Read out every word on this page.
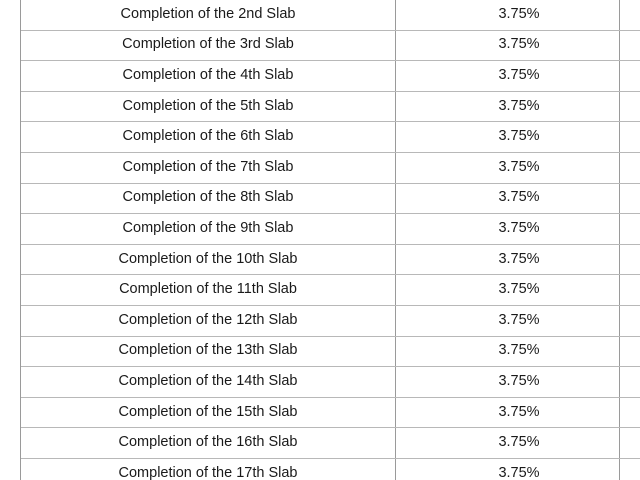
Completion of the 2nd Slab	3.75%
Completion of the 3rd Slab	3.75%
Completion of the 4th Slab	3.75%
Completion of the 5th Slab	3.75%
Completion of the 6th Slab	3.75%
Completion of the 7th Slab	3.75%
Completion of the 8th Slab	3.75%
Completion of the 9th Slab	3.75%
Completion of the 10th Slab	3.75%
Completion of the 11th Slab	3.75%
Completion of the 12th Slab	3.75%
Completion of the 13th Slab	3.75%
Completion of the 14th Slab	3.75%
Completion of the 15th Slab	3.75%
Completion of the 16th Slab	3.75%
Completion of the 17th Slab	3.75%
